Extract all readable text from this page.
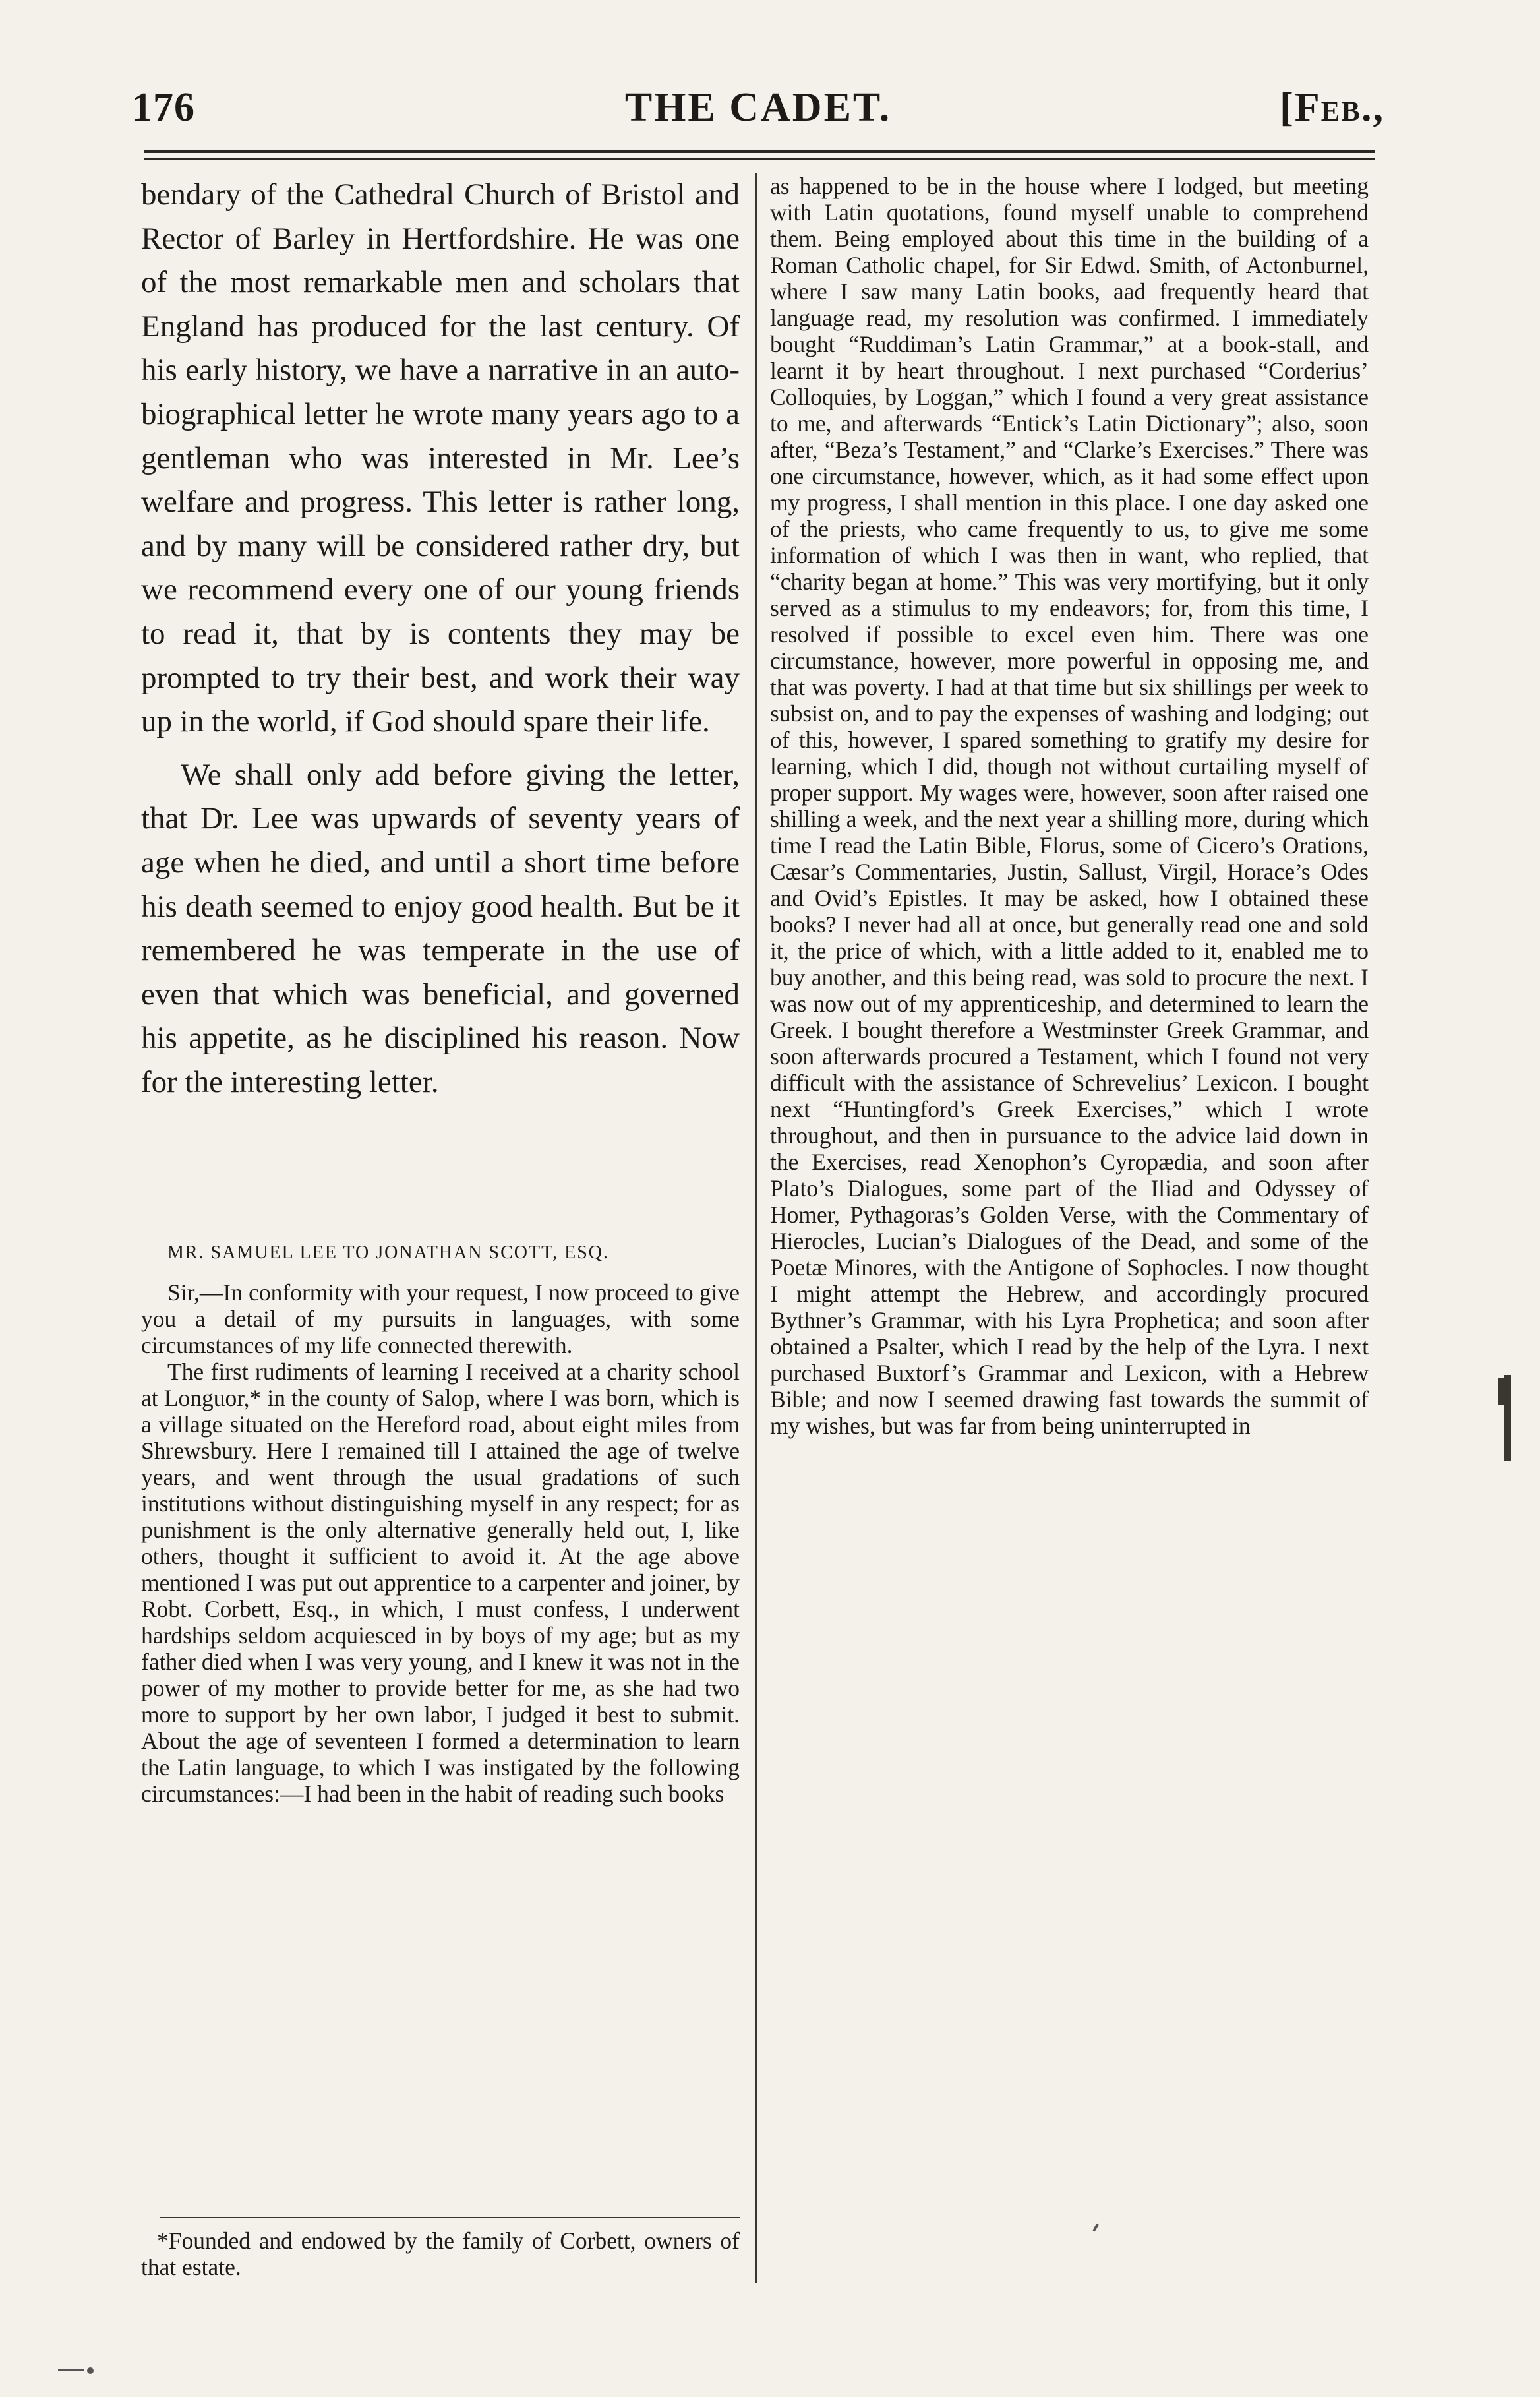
176	THE CADET.	[Feb.,

bendary of the Cathedral Church of Bristol and Rector of Barley in Hertfordshire. He was one of the most remarkable men and scholars that England has produced for the last century. Of his early history, we have a narrative in an auto-biographical letter he wrote many years ago to a gentleman who was interested in Mr. Lee’s welfare and progress. This letter is rather long, and by many will be considered rather dry, but we recommend every one of our young friends to read it, that by is contents they may be prompted to try their best, and work their way up in the world, if God should spare their life.

We shall only add before giving the letter, that Dr. Lee was upwards of seventy years of age when he died, and until a short time before his death seemed to enjoy good health. But be it remembered he was temperate in the use of even that which was beneficial, and governed his appetite, as he disciplined his reason. Now for the interesting letter.

MR. SAMUEL LEE TO JONATHAN SCOTT, ESQ.

Sir,—In conformity with your request, I now proceed to give you a detail of my pursuits in languages, with some circumstances of my life connected therewith.

The first rudiments of learning I received at a charity school at Longuor,* in the county of Salop, where I was born, which is a village situated on the Hereford road, about eight miles from Shrewsbury. Here I remained till I attained the age of twelve years, and went through the usual gradations of such institutions without distinguishing myself in any respect; for as punishment is the only alternative generally held out, I, like others, thought it sufficient to avoid it. At the age above mentioned I was put out apprentice to a carpenter and joiner, by Robt. Corbett, Esq., in which, I must confess, I underwent hardships seldom acquiesced in by boys of my age; but as my father died when I was very young, and I knew it was not in the power of my mother to provide better for me, as she had two more to support by her own labor, I judged it best to submit. About the age of seventeen I formed a determination to learn the Latin language, to which I was instigated by the following circumstances:—I had been in the habit of reading such books

*Founded and endowed by the family of Corbett, owners of that estate.

as happened to be in the house where I lodged, but meeting with Latin quotations, found myself unable to comprehend them. Being employed about this time in the building of a Roman Catholic chapel, for Sir Edwd. Smith, of Actonburnel, where I saw many Latin books, aad frequently heard that language read, my resolution was confirmed. I immediately bought “Ruddiman’s Latin Grammar,” at a book-stall, and learnt it by heart throughout. I next purchased “Corderius’ Colloquies, by Loggan,” which I found a very great assistance to me, and afterwards “Entick’s Latin Dictionary”; also, soon after, “Beza’s Testament,” and “Clarke’s Exercises.” There was one circumstance, however, which, as it had some effect upon my progress, I shall mention in this place. I one day asked one of the priests, who came frequently to us, to give me some information of which I was then in want, who replied, that “charity began at home.” This was very mortifying, but it only served as a stimulus to my endeavors; for, from this time, I resolved if possible to excel even him. There was one circumstance, however, more powerful in opposing me, and that was poverty. I had at that time but six shillings per week to subsist on, and to pay the expenses of washing and lodging; out of this, however, I spared something to gratify my desire for learning, which I did, though not without curtailing myself of proper support. My wages were, however, soon after raised one shilling a week, and the next year a shilling more, during which time I read the Latin Bible, Florus, some of Cicero’s Orations, Cæsar’s Commentaries, Justin, Sallust, Virgil, Horace’s Odes and Ovid’s Epistles. It may be asked, how I obtained these books? I never had all at once, but generally read one and sold it, the price of which, with a little added to it, enabled me to buy another, and this being read, was sold to procure the next. I was now out of my apprenticeship, and determined to learn the Greek. I bought therefore a Westminster Greek Grammar, and soon afterwards procured a Testament, which I found not very difficult with the assistance of Schrevelius’ Lexicon. I bought next “Huntingford’s Greek Exercises,” which I wrote throughout, and then in pursuance to the advice laid down in the Exercises, read Xenophon’s Cyropædia, and soon after Plato’s Dialogues, some part of the Iliad and Odyssey of Homer, Pythagoras’s Golden Verse, with the Commentary of Hierocles, Lucian’s Dialogues of the Dead, and some of the Poetæ Minores, with the Antigone of Sophocles. I now thought I might attempt the Hebrew, and accordingly procured Bythner’s Grammar, with his Lyra Prophetica; and soon after obtained a Psalter, which I read by the help of the Lyra. I next purchased Buxtorf’s Grammar and Lexicon, with a Hebrew Bible; and now I seemed drawing fast towards the summit of my wishes, but was far from being uninterrupted in
